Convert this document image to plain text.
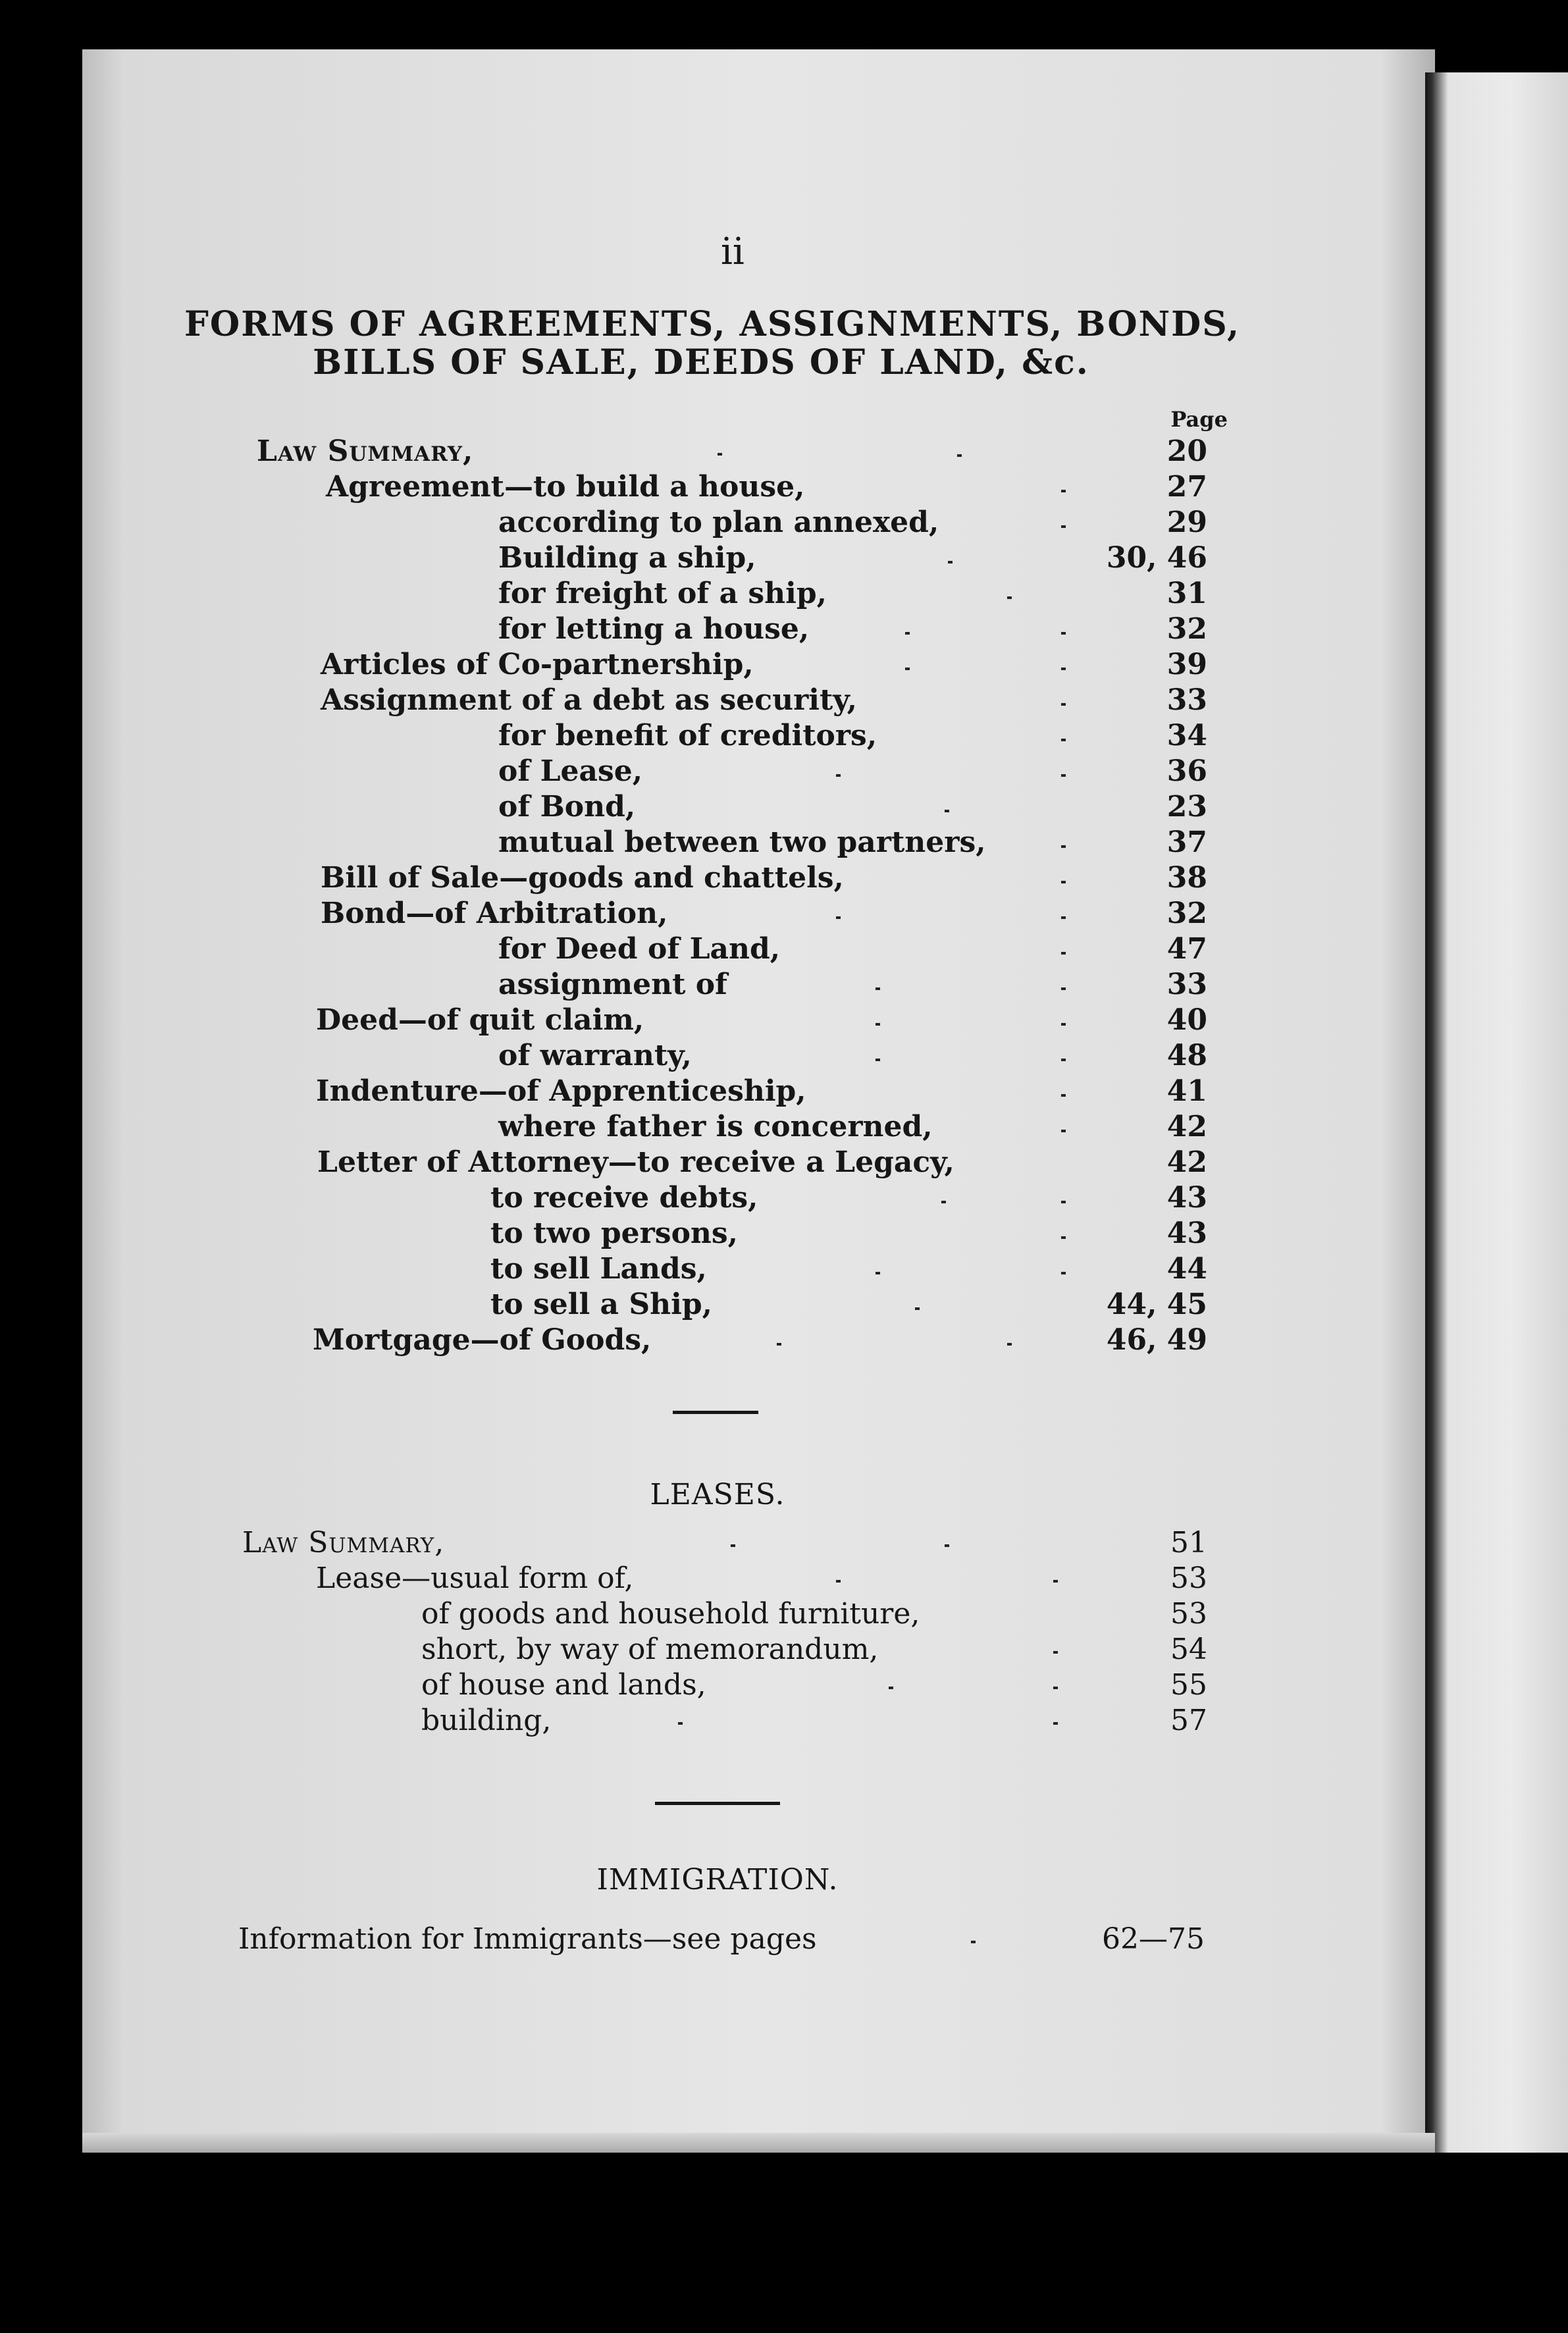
ii
FORMS OF AGREEMENTS, ASSIGNMENTS, BONDS,
BILLS OF SALE, DEEDS OF LAND, &c.
Page
Law Summary,	20
Agreement—to build a house,	27
according to plan annexed,	29
Building a ship,	30, 46
for freight of a ship,	31
for letting a house,	32
Articles of Co-partnership,	39
Assignment of a debt as security,	33
for benefit of creditors,	34
of Lease,	36
of Bond,	23
mutual between two partners,	37
Bill of Sale—goods and chattels,	38
Bond—of Arbitration,	32
for Deed of Land,	47
assignment of	33
Deed—of quit claim,	40
of warranty,	48
Indenture—of Apprenticeship,	41
where father is concerned,	42
Letter of Attorney—to receive a Legacy,	42
to receive debts,	43
to two persons,	43
to sell Lands,	44
to sell a Ship,	44, 45
Mortgage—of Goods,	46, 49
LEASES.
Law Summary,	51
Lease—usual form of,	53
of goods and household furniture,	53
short, by way of memorandum,	54
of house and lands,	55
building,	57
IMMIGRATION.
Information for Immigrants—see pages	62—75
